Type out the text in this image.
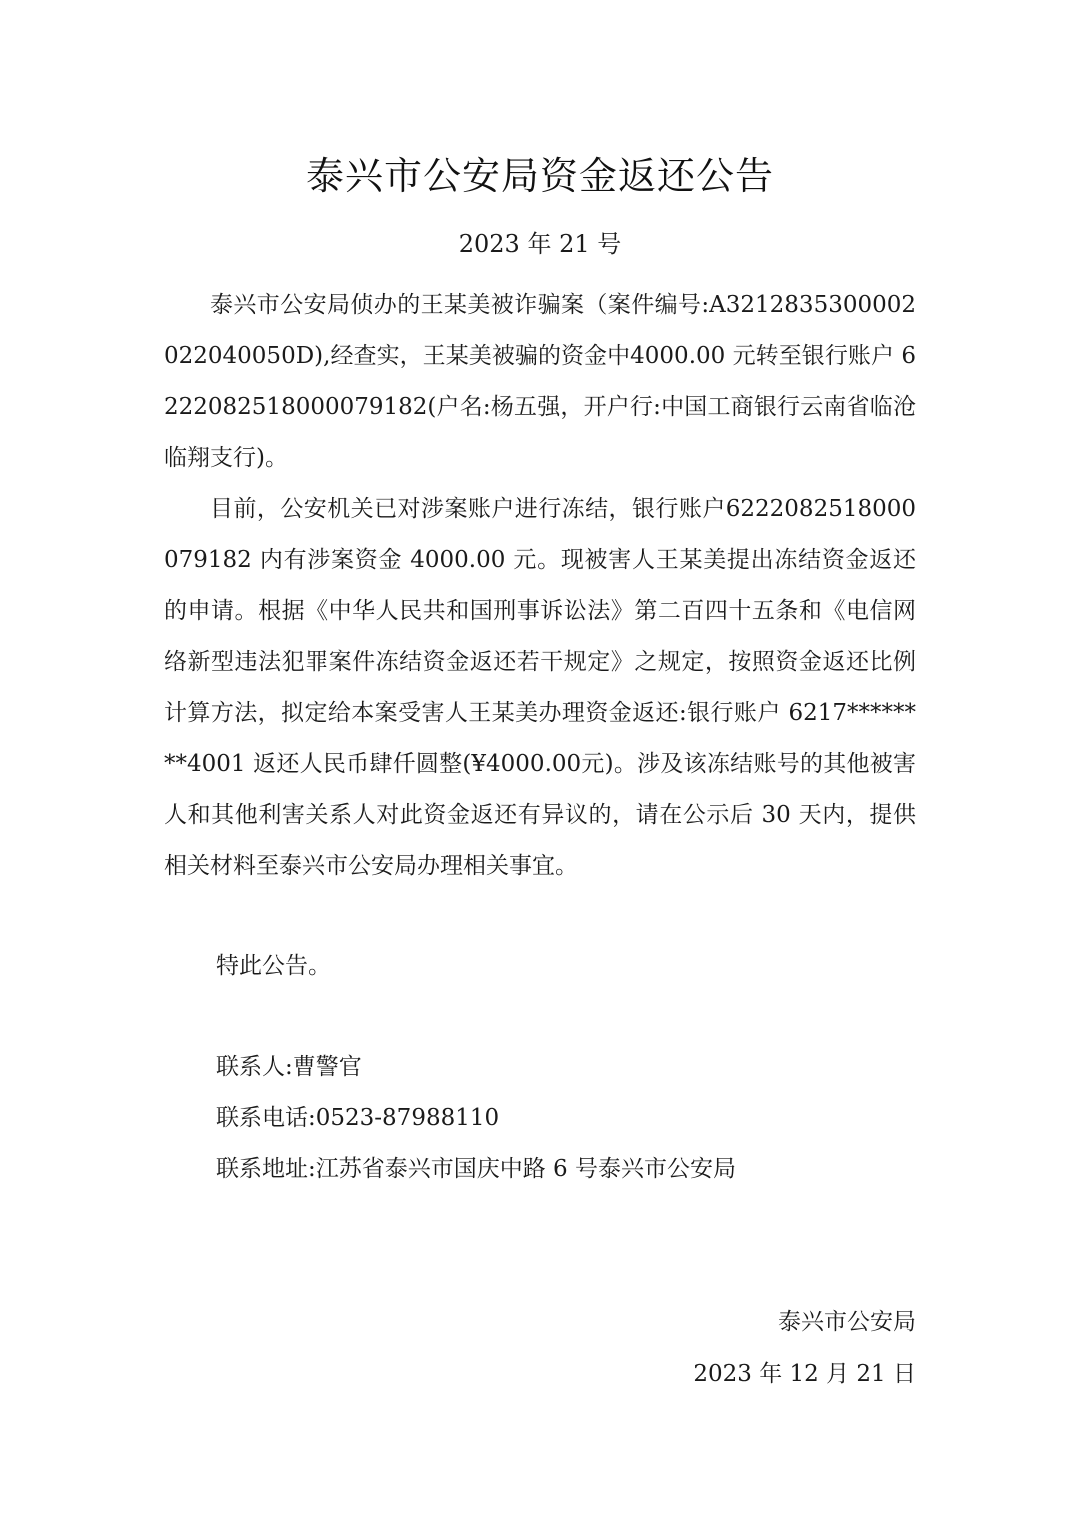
泰兴市公安局资金返还公告
2023 年 21 号

泰兴市公安局侦办的王某美被诈骗案（案件编号:A3212835300002022040050D),经查实，王某美被骗的资金中4000.00 元转至银行账户 6222082518000079182(户名:杨五强，开户行:中国工商银行云南省临沧临翔支行)。

目前，公安机关已对涉案账户进行冻结，银行账户6222082518000079182 内有涉案资金 4000.00 元。现被害人王某美提出冻结资金返还的申请。根据《中华人民共和国刑事诉讼法》第二百四十五条和《电信网络新型违法犯罪案件冻结资金返还若干规定》之规定，按照资金返还比例计算方法，拟定给本案受害人王某美办理资金返还:银行账户 6217********4001 返还人民币肆仟圆整(¥4000.00元)。涉及该冻结账号的其他被害人和其他利害关系人对此资金返还有异议的，请在公示后 30 天内，提供相关材料至泰兴市公安局办理相关事宜。

特此公告。
联系人:曹警官
联系电话:0523-87988110
联系地址:江苏省泰兴市国庆中路 6 号泰兴市公安局
泰兴市公安局
2023 年 12 月 21 日
